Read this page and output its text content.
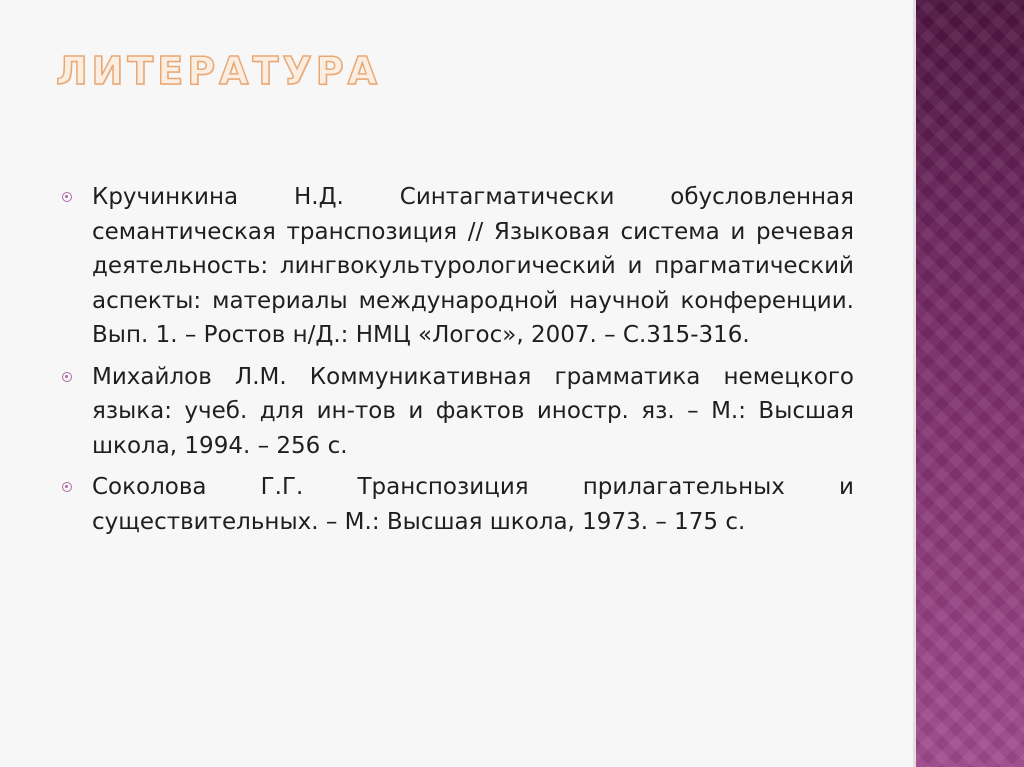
ЛИТЕРАТУРА
Кручинкина Н.Д. Синтагматически обусловленная семантическая транспозиция // Языковая система и речевая деятельность: лингвокультурологический и прагматический аспекты: материалы международной научной конференции. Вып. 1. – Ростов н/Д.: НМЦ «Логос», 2007. – С.315-316.
Михайлов Л.М. Коммуникативная грамматика немецкого языка: учеб. для ин-тов и фактов иностр. яз. – М.: Высшая школа, 1994. – 256 с.
Соколова Г.Г. Транспозиция прилагательных и существительных. – М.: Высшая школа, 1973. – 175 с.
